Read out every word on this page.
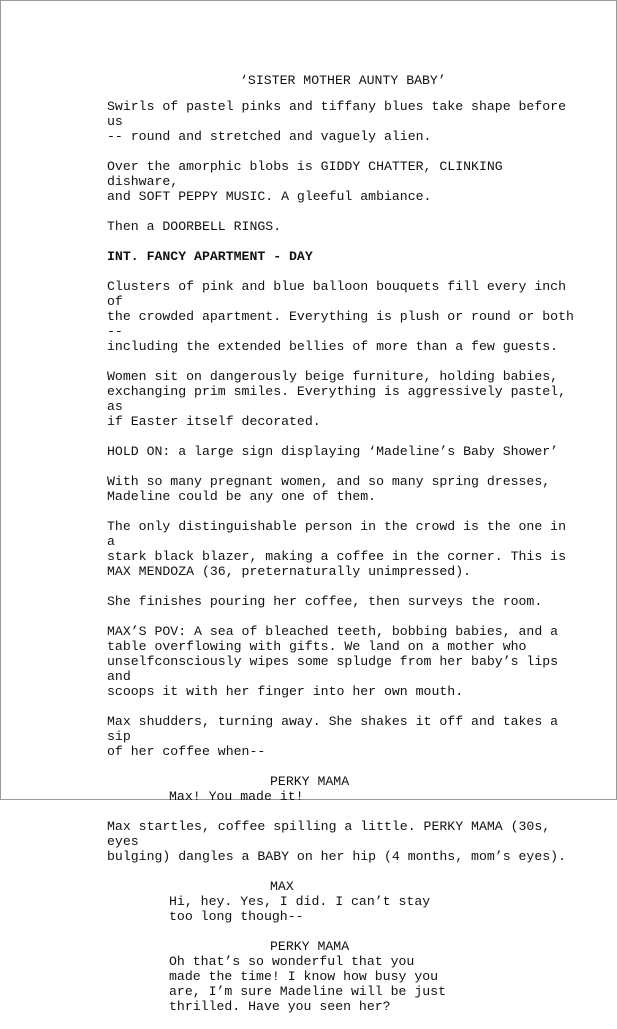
‘SISTER MOTHER AUNTY BABY’
Swirls of pastel pinks and tiffany blues take shape before us
-- round and stretched and vaguely alien.
Over the amorphic blobs is GIDDY CHATTER, CLINKING dishware,
and SOFT PEPPY MUSIC. A gleeful ambiance.
Then a DOORBELL RINGS.
INT. FANCY APARTMENT - DAY
Clusters of pink and blue balloon bouquets fill every inch of
the crowded apartment. Everything is plush or round or both --
including the extended bellies of more than a few guests.
Women sit on dangerously beige furniture, holding babies,
exchanging prim smiles. Everything is aggressively pastel, as
if Easter itself decorated.
HOLD ON: a large sign displaying ‘Madeline’s Baby Shower’
With so many pregnant women, and so many spring dresses,
Madeline could be any one of them.
The only distinguishable person in the crowd is the one in a
stark black blazer, making a coffee in the corner. This is
MAX MENDOZA (36, preternaturally unimpressed).
She finishes pouring her coffee, then surveys the room.
MAX’S POV: A sea of bleached teeth, bobbing babies, and a
table overflowing with gifts. We land on a mother who
unselfconsciously wipes some spludge from her baby’s lips and
scoops it with her finger into her own mouth.
Max shudders, turning away. She shakes it off and takes a sip
of her coffee when--
PERKY MAMA
Max! You made it!
Max startles, coffee spilling a little. PERKY MAMA (30s, eyes
bulging) dangles a BABY on her hip (4 months, mom’s eyes).
MAX
Hi, hey. Yes, I did. I can’t stay
too long though--
PERKY MAMA
Oh that’s so wonderful that you
made the time! I know how busy you
are, I’m sure Madeline will be just
thrilled. Have you seen her?
